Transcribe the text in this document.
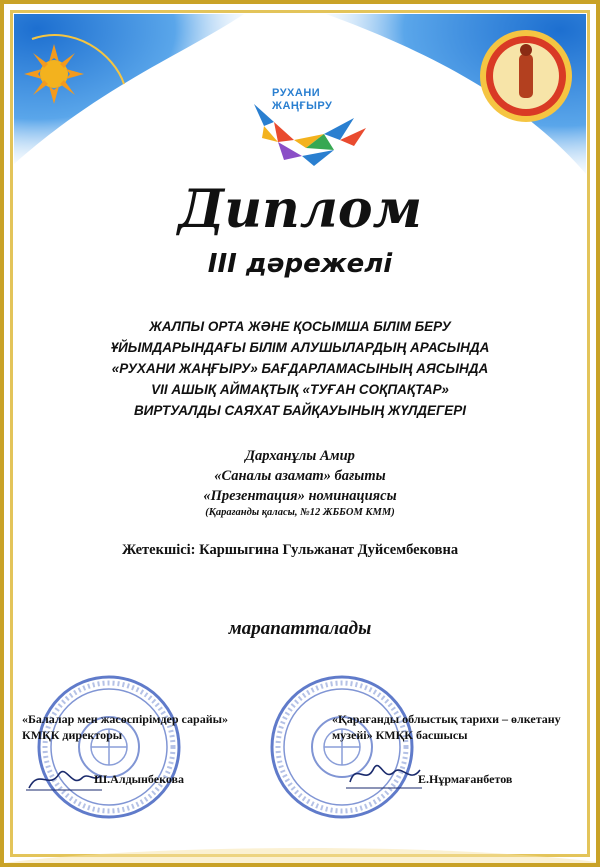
РУХАНИ
ЖАҢҒЫРУ
Диплом
III дәрежелі
ЖАЛПЫ ОРТА ЖӘНЕ ҚОСЫМША БІЛІМ БЕРУ
ҰЙЫМДАРЫНДАҒЫ БІЛІМ АЛУШЫЛАРДЫҢ АРАСЫНДА
«РУХАНИ ЖАҢҒЫРУ» БАҒДАРЛАМАСЫНЫҢ АЯСЫНДА
VII АШЫҚ АЙМАҚТЫҚ «ТУҒАН СОҚПАҚТАР»
ВИРТУАЛДЫ САЯХАТ БАЙҚАУЫНЫҢ ЖҮЛДЕГЕРІ
Дарханұлы Амир
«Саналы азамат» бағыты
«Презентация» номинациясы
(Қарағанды қаласы, №12 ЖББОМ КММ)
Жетекшісі: Каршыгина Гульжанат Дуйсембековна
марапатталады
«Балалар мен жасөспірімдер сарайы»
КМҚК директоры
Ш.Алдынбекова
«Қарағанды облыстық тарихи – өлкетану
музейі» КМҚК басшысы
Е.Нұрмағанбетов
